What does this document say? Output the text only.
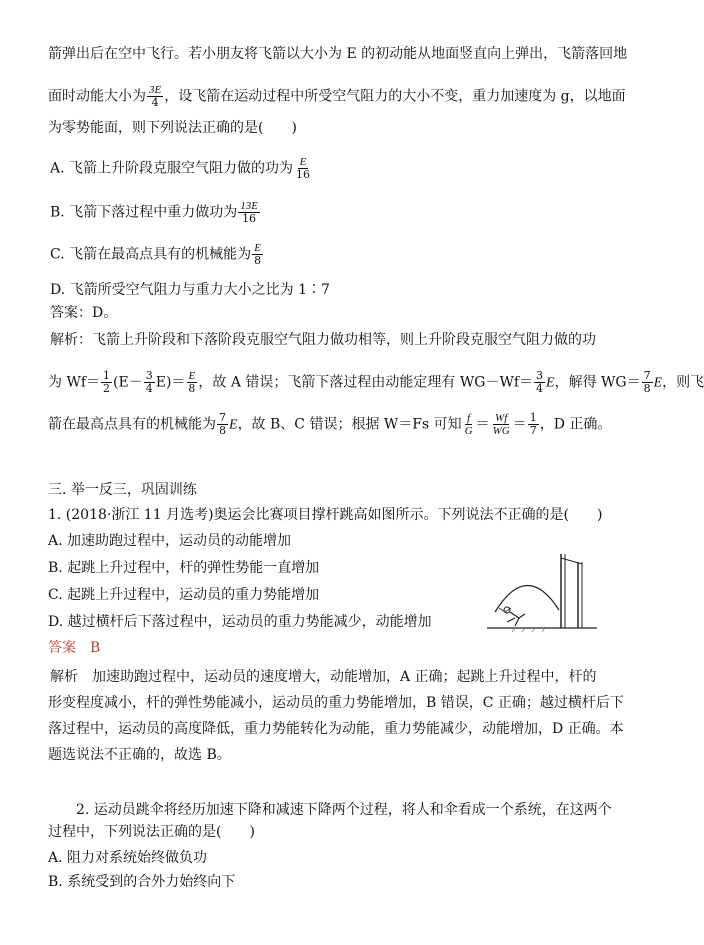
箭弹出后在空中飞行。若小朋友将飞箭以大小为 E 的初动能从地面竖直向上弹出，飞箭落回地
面时动能大小为 $\frac{3E}{4}$ ，设飞箭在运动过程中所受空气阻力的大小不变，重力加速度为 g，以地面
为零势能面，则下列说法正确的是(　　)
A. 飞箭上升阶段克服空气阻力做的功为 $\frac{E}{16}$
B. 飞箭下落过程中重力做功为 $\frac{13E}{16}$
C. 飞箭在最高点具有的机械能为 $\frac{E}{8}$
D. 飞箭所受空气阻力与重力大小之比为 1∶7
答案：D。
解析：飞箭上升阶段和下落阶段克服空气阻力做功相等，则上升阶段克服空气阻力做的功
为 $Wf= \frac{1}{2} (E- \frac{3}{4} E)= \frac{E}{8}$ ，故 A 错误；飞箭下落过程由动能定理有 $WG-Wf= \frac{3}{4}$ E，解得 $WG= \frac{7}{8}$ E，则飞
箭在最高点具有的机械能为 $\frac{7}{8}$ E，故 B、C 错误；根据 W＝Fs 可知 $\frac{f}{G} = \frac{Wf}{WG} = \frac{1}{7}$ ，D 正确。
三. 举一反三，巩固训练
1. (2018·浙江 11 月选考)奥运会比赛项目撑杆跳高如图所示。下列说法不正确的是(　　)
A. 加速助跑过程中，运动员的动能增加
B. 起跳上升过程中，杆的弹性势能一直增加
C. 起跳上升过程中，运动员的重力势能增加
D. 越过横杆后下落过程中，运动员的重力势能减少，动能增加
答案　B
解析　加速助跑过程中，运动员的速度增大，动能增加，A 正确；起跳上升过程中，杆的
形变程度减小，杆的弹性势能减小，运动员的重力势能增加，B 错误，C 正确；越过横杆后下
落过程中，运动员的高度降低，重力势能转化为动能，重力势能减少，动能增加，D 正确。本
题选说法不正确的，故选 B。
2. 运动员跳伞将经历加速下降和减速下降两个过程，将人和伞看成一个系统，在这两个
过程中，下列说法正确的是(　　)
A. 阻力对系统始终做负功
B. 系统受到的合外力始终向下
